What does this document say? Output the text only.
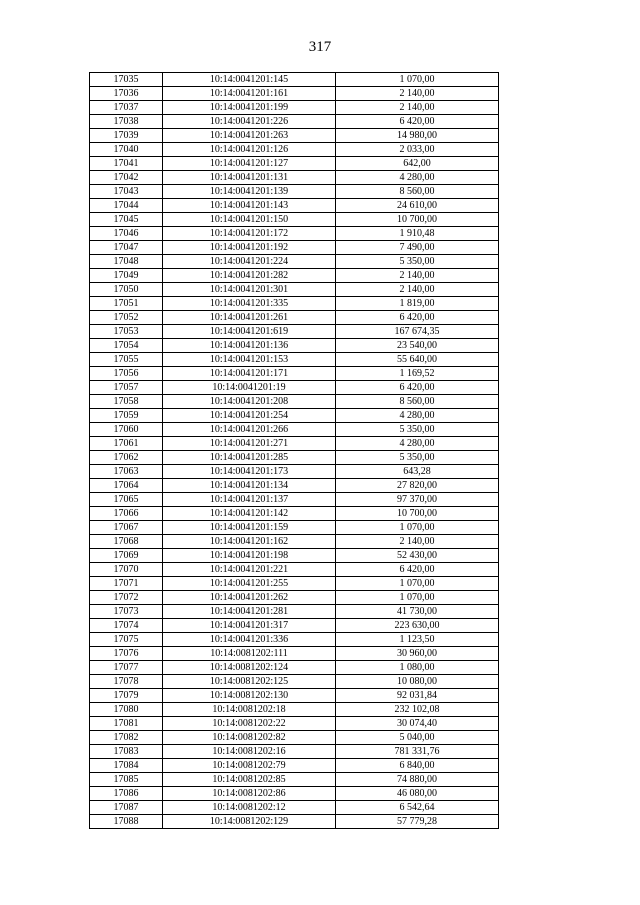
317
17035	10:14:0041201:145	1 070,00
17036	10:14:0041201:161	2 140,00
17037	10:14:0041201:199	2 140,00
17038	10:14:0041201:226	6 420,00
17039	10:14:0041201:263	14 980,00
17040	10:14:0041201:126	2 033,00
17041	10:14:0041201:127	642,00
17042	10:14:0041201:131	4 280,00
17043	10:14:0041201:139	8 560,00
17044	10:14:0041201:143	24 610,00
17045	10:14:0041201:150	10 700,00
17046	10:14:0041201:172	1 910,48
17047	10:14:0041201:192	7 490,00
17048	10:14:0041201:224	5 350,00
17049	10:14:0041201:282	2 140,00
17050	10:14:0041201:301	2 140,00
17051	10:14:0041201:335	1 819,00
17052	10:14:0041201:261	6 420,00
17053	10:14:0041201:619	167 674,35
17054	10:14:0041201:136	23 540,00
17055	10:14:0041201:153	55 640,00
17056	10:14:0041201:171	1 169,52
17057	10:14:0041201:19	6 420,00
17058	10:14:0041201:208	8 560,00
17059	10:14:0041201:254	4 280,00
17060	10:14:0041201:266	5 350,00
17061	10:14:0041201:271	4 280,00
17062	10:14:0041201:285	5 350,00
17063	10:14:0041201:173	643,28
17064	10:14:0041201:134	27 820,00
17065	10:14:0041201:137	97 370,00
17066	10:14:0041201:142	10 700,00
17067	10:14:0041201:159	1 070,00
17068	10:14:0041201:162	2 140,00
17069	10:14:0041201:198	52 430,00
17070	10:14:0041201:221	6 420,00
17071	10:14:0041201:255	1 070,00
17072	10:14:0041201:262	1 070,00
17073	10:14:0041201:281	41 730,00
17074	10:14:0041201:317	223 630,00
17075	10:14:0041201:336	1 123,50
17076	10:14:0081202:111	30 960,00
17077	10:14:0081202:124	1 080,00
17078	10:14:0081202:125	10 080,00
17079	10:14:0081202:130	92 031,84
17080	10:14:0081202:18	232 102,08
17081	10:14:0081202:22	30 074,40
17082	10:14:0081202:82	5 040,00
17083	10:14:0081202:16	781 331,76
17084	10:14:0081202:79	6 840,00
17085	10:14:0081202:85	74 880,00
17086	10:14:0081202:86	46 080,00
17087	10:14:0081202:12	6 542,64
17088	10:14:0081202:129	57 779,28
